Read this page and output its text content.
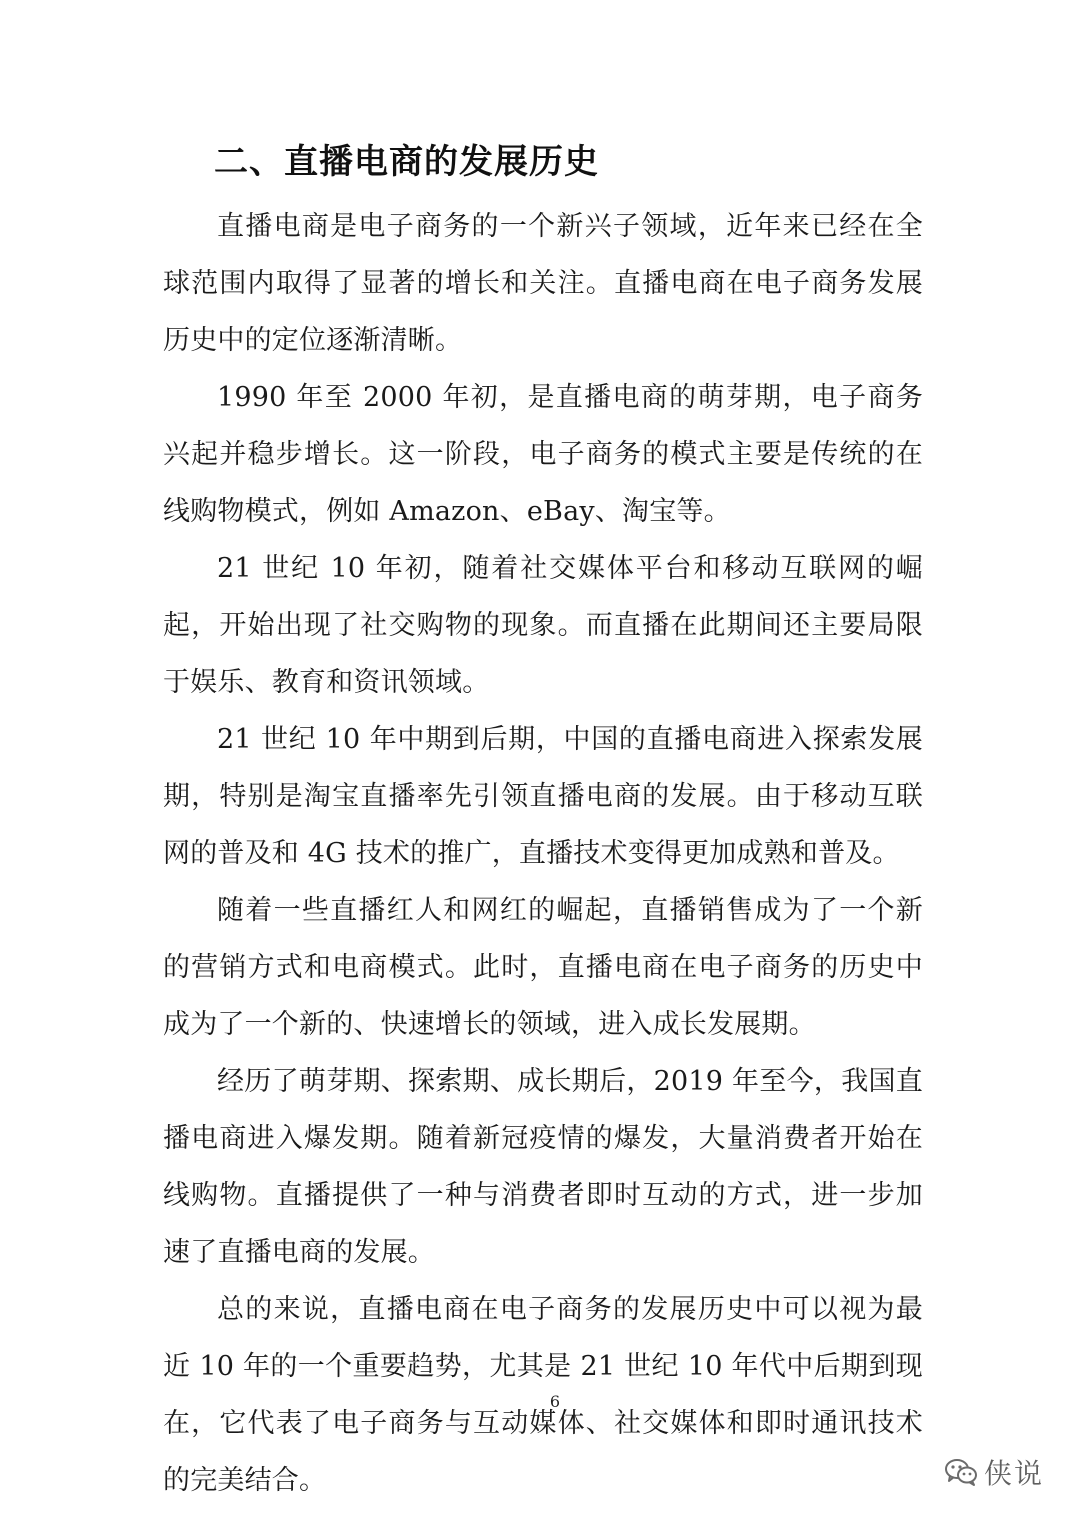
二、直播电商的发展历史

直播电商是电子商务的一个新兴子领域，近年来已经在全球范围内取得了显著的增长和关注。直播电商在电子商务发展历史中的定位逐渐清晰。

1990 年至 2000 年初，是直播电商的萌芽期，电子商务兴起并稳步增长。这一阶段，电子商务的模式主要是传统的在线购物模式，例如 Amazon、eBay、淘宝等。

21 世纪 10 年初，随着社交媒体平台和移动互联网的崛起，开始出现了社交购物的现象。而直播在此期间还主要局限于娱乐、教育和资讯领域。

21 世纪 10 年中期到后期，中国的直播电商进入探索发展期，特别是淘宝直播率先引领直播电商的发展。由于移动互联网的普及和 4G 技术的推广，直播技术变得更加成熟和普及。

随着一些直播红人和网红的崛起，直播销售成为了一个新的营销方式和电商模式。此时，直播电商在电子商务的历史中成为了一个新的、快速增长的领域，进入成长发展期。

经历了萌芽期、探索期、成长期后，2019 年至今，我国直播电商进入爆发期。随着新冠疫情的爆发，大量消费者开始在线购物。直播提供了一种与消费者即时互动的方式，进一步加速了直播电商的发展。

总的来说，直播电商在电子商务的发展历史中可以视为最近 10 年的一个重要趋势，尤其是 21 世纪 10 年代中后期到现在，它代表了电子商务与互动媒体、社交媒体和即时通讯技术的完美结合。

6
侠说
